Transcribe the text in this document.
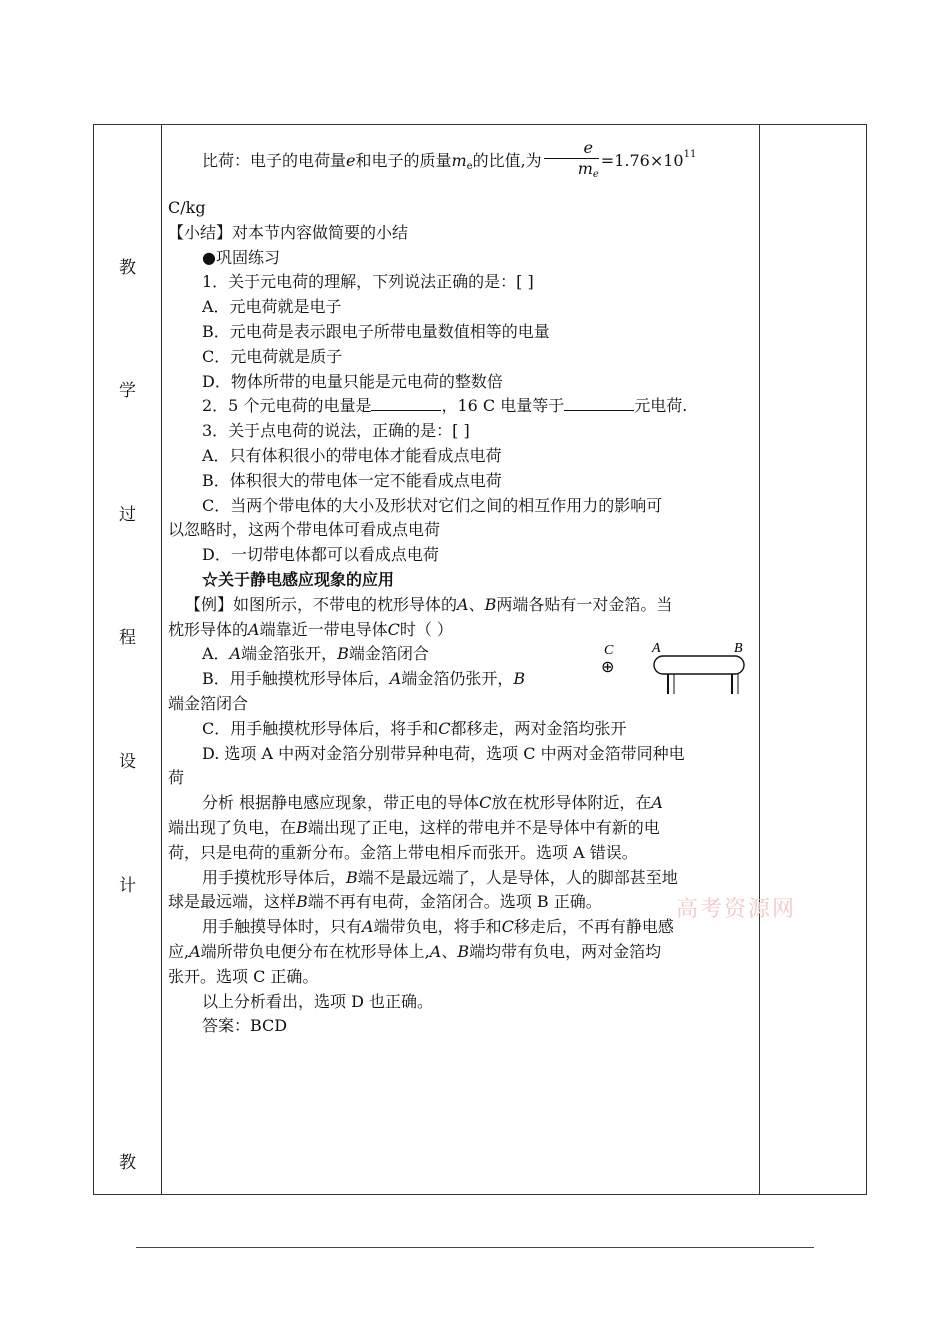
教
学
过
程
设
计
教

比荷：电子的电荷量e和电子的质量$m_e$的比值,为 $\frac{e}{m_e} =1.76\times 10^{11}$

C/kg

【小结】对本节内容做简要的小结

●巩固练习

1．关于元电荷的理解，下列说法正确的是：[ ]

A．元电荷就是电子

B．元电荷是表示跟电子所带电量数值相等的电量

C．元电荷就是质子

D．物体所带的电量只能是元电荷的整数倍

2．5 个元电荷的电量是	，16 C 电量等于	元电荷.

3．关于点电荷的说法，正确的是：[ ]

A．只有体积很小的带电体才能看成点电荷

B．体积很大的带电体一定不能看成点电荷

C．当两个带电体的大小及形状对它们之间的相互作用力的影响可

以忽略时，这两个带电体可看成点电荷

D．一切带电体都可以看成点电荷

☆关于静电感应现象的应用

【例】如图所示，不带电的枕形导体的A、B两端各贴有一对金箔。当

枕形导体的A端靠近一带电导体C时（ ）

A．A端金箔张开，B端金箔闭合

B．用手触摸枕形导体后，A端金箔仍张开，B

端金箔闭合

C．用手触摸枕形导体后，将手和C都移走，两对金箔均张开

D. 选项 A 中两对金箔分别带异种电荷，选项 C 中两对金箔带同种电

荷

分析 根据静电感应现象，带正电的导体C放在枕形导体附近，在A

端出现了负电，在B端出现了正电，这样的带电并不是导体中有新的电

荷，只是电荷的重新分布。金箔上带电相斥而张开。选项 A 错误。

用手摸枕形导体后，B端不是最远端了，人是导体，人的脚部甚至地

球是最远端，这样B端不再有电荷，金箔闭合。选项 B 正确。

用手触摸导体时，只有A端带负电，将手和C移走后，不再有静电感

应,A端所带负电便分布在枕形导体上,A、B端均带有负电，两对金箔均

张开。选项 C 正确。

以上分析看出，选项 D 也正确。

答案：BCD

C
⊕
A	B
高考资源网
